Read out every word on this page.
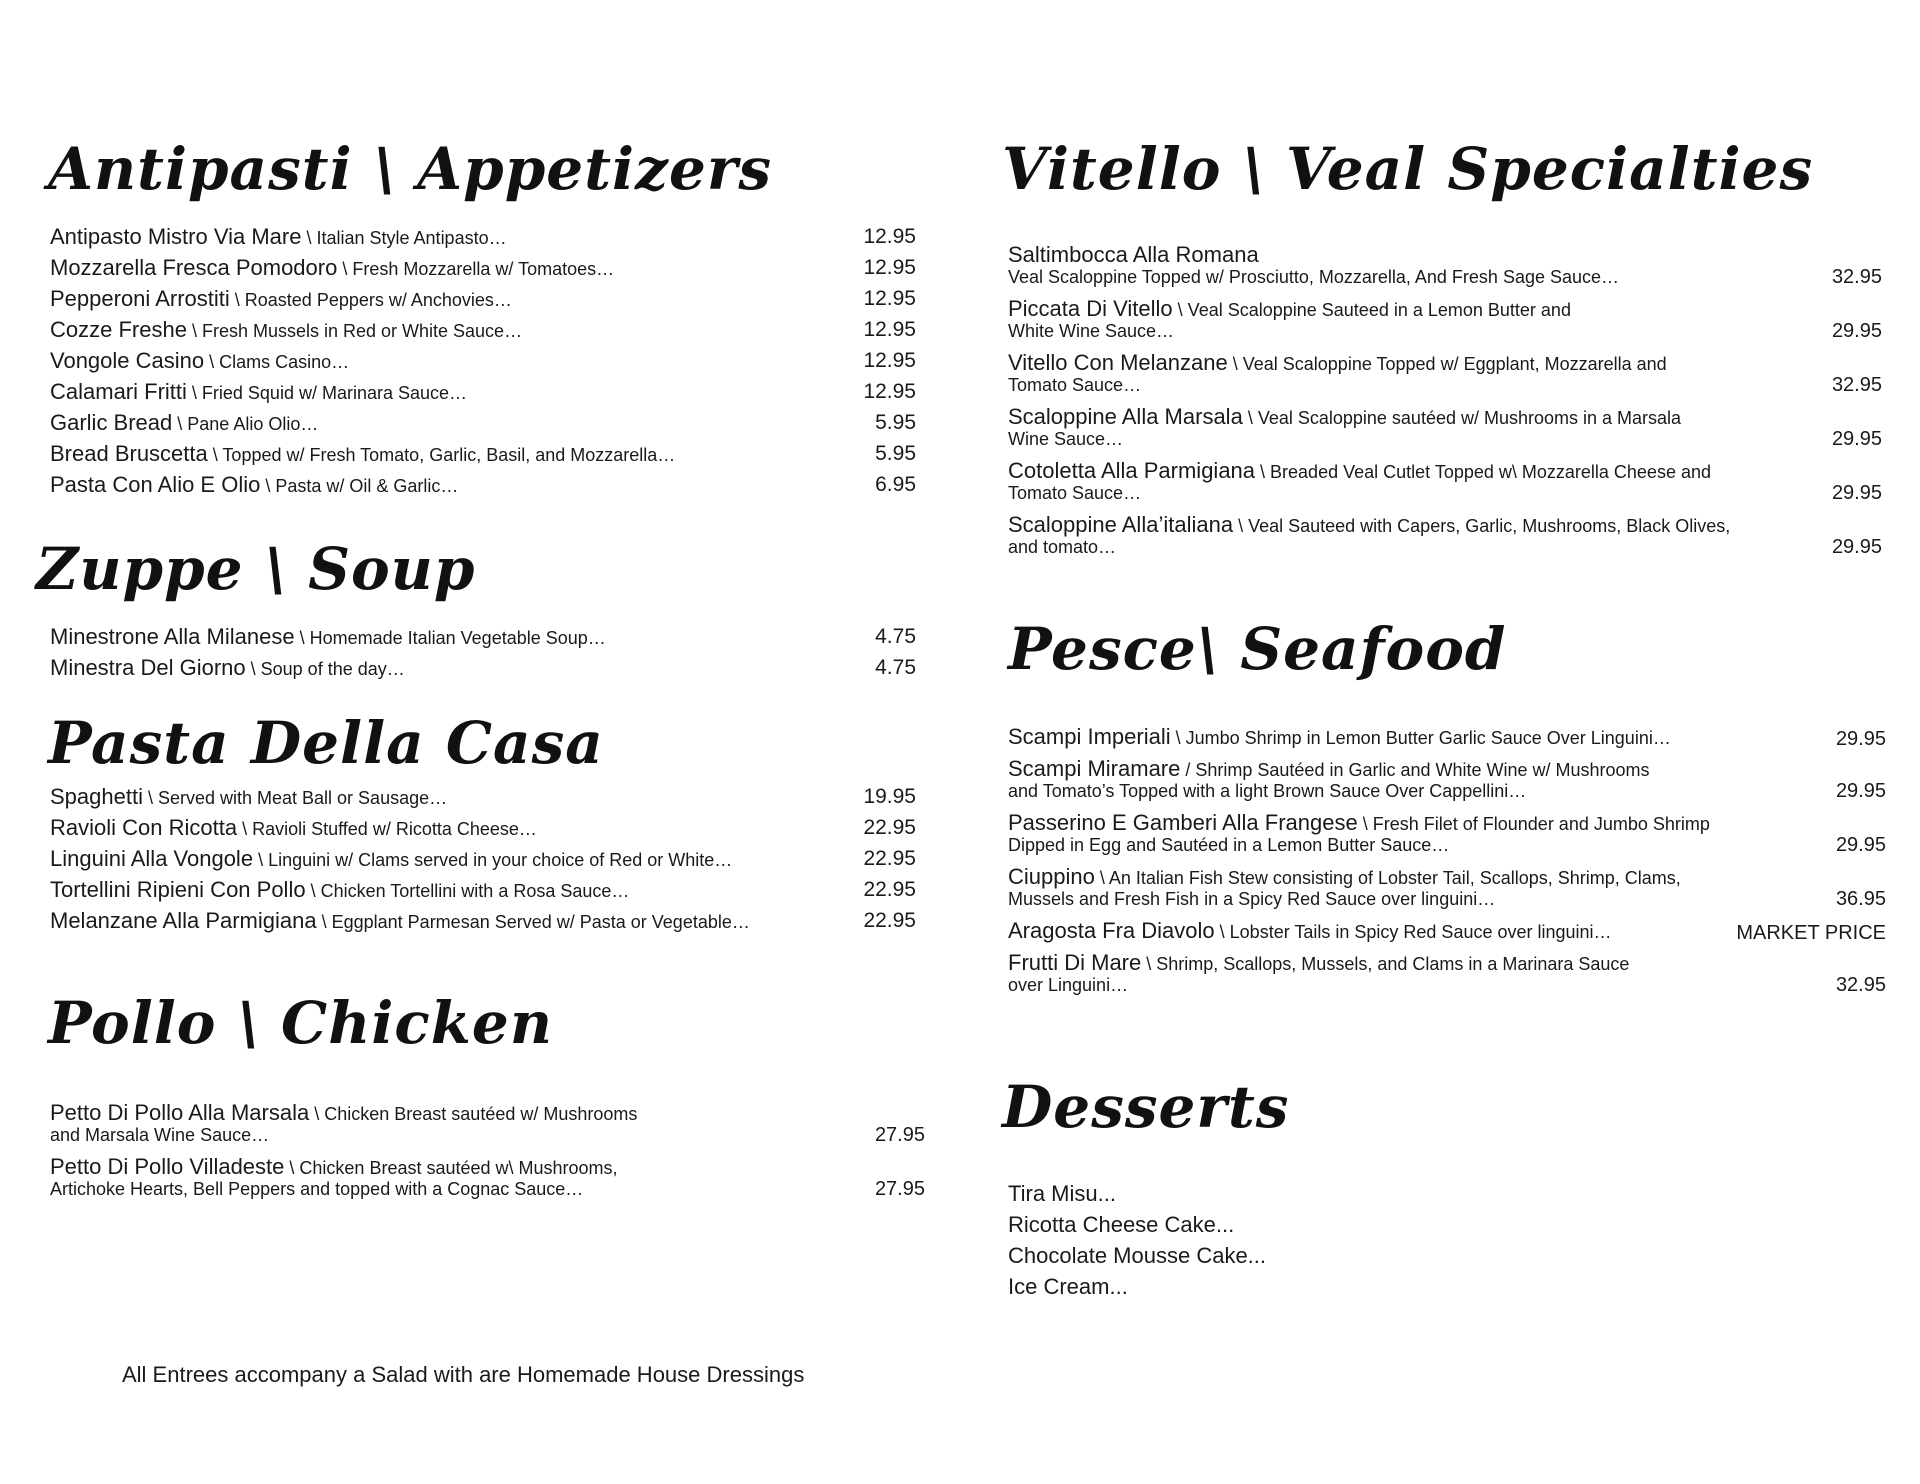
Antipasti \ Appetizers
Antipasto Mistro Via Mare \ Italian Style Antipasto…	12.95
Mozzarella Fresca Pomodoro \ Fresh Mozzarella w/ Tomatoes…	12.95
Pepperoni Arrostiti \ Roasted Peppers w/ Anchovies…	12.95
Cozze Freshe \ Fresh Mussels in Red or White Sauce…	12.95
Vongole Casino \ Clams Casino…	12.95
Calamari Fritti \ Fried Squid w/ Marinara Sauce…	12.95
Garlic Bread \ Pane Alio Olio…	5.95
Bread Bruscetta \ Topped w/ Fresh Tomato, Garlic, Basil, and Mozzarella…	5.95
Pasta Con Alio E Olio \ Pasta w/ Oil & Garlic…	6.95
Zuppe \ Soup
Minestrone Alla Milanese \ Homemade Italian Vegetable Soup…	4.75
Minestra Del Giorno \ Soup of the day…	4.75
Pasta Della Casa
Spaghetti \ Served with Meat Ball or Sausage…	19.95
Ravioli Con Ricotta \ Ravioli Stuffed w/ Ricotta Cheese…	22.95
Linguini Alla Vongole \ Linguini w/ Clams served in your choice of Red or White…	22.95
Tortellini Ripieni Con Pollo \ Chicken Tortellini with a Rosa Sauce…	22.95
Melanzane Alla Parmigiana \ Eggplant Parmesan Served w/ Pasta or Vegetable…	22.95
Pollo \ Chicken
Petto Di Pollo Alla Marsala \ Chicken Breast sautéed w/ Mushrooms
and Marsala Wine Sauce…	27.95
Petto Di Pollo Villadeste \ Chicken Breast sautéed w\ Mushrooms,
Artichoke Hearts, Bell Peppers and topped with a Cognac Sauce…	27.95
All Entrees accompany a Salad with are Homemade House Dressings
Vitello \ Veal Specialties
Saltimbocca Alla Romana
Veal Scaloppine Topped w/ Prosciutto, Mozzarella, And Fresh Sage Sauce…	32.95
Piccata Di Vitello \ Veal Scaloppine Sauteed in a Lemon Butter and
White Wine Sauce…	29.95
Vitello Con Melanzane \ Veal Scaloppine Topped w/ Eggplant, Mozzarella and
Tomato Sauce…	32.95
Scaloppine Alla Marsala \ Veal Scaloppine sautéed w/ Mushrooms in a Marsala
Wine Sauce…	29.95
Cotoletta Alla Parmigiana \ Breaded Veal Cutlet Topped w\ Mozzarella Cheese and
Tomato Sauce…	29.95
Scaloppine Alla’italiana \ Veal Sauteed with Capers, Garlic, Mushrooms, Black Olives,
and tomato…	29.95
Pesce\ Seafood
Scampi Imperiali \ Jumbo Shrimp in Lemon Butter Garlic Sauce Over Linguini…	29.95
Scampi Miramare / Shrimp Sautéed in Garlic and White Wine w/ Mushrooms
and Tomato’s Topped with a light Brown Sauce Over Cappellini…	29.95
Passerino E Gamberi Alla Frangese \ Fresh Filet of Flounder and Jumbo Shrimp
Dipped in Egg and Sautéed in a Lemon Butter Sauce…	29.95
Ciuppino \ An Italian Fish Stew consisting of Lobster Tail, Scallops, Shrimp, Clams,
Mussels and Fresh Fish in a Spicy Red Sauce over linguini…	36.95
Aragosta Fra Diavolo \ Lobster Tails in Spicy Red Sauce over linguini…	MARKET PRICE
Frutti Di Mare \ Shrimp, Scallops, Mussels, and Clams in a Marinara Sauce
over Linguini…	32.95
Desserts
Tira Misu...
Ricotta Cheese Cake...
Chocolate Mousse Cake...
Ice Cream...
